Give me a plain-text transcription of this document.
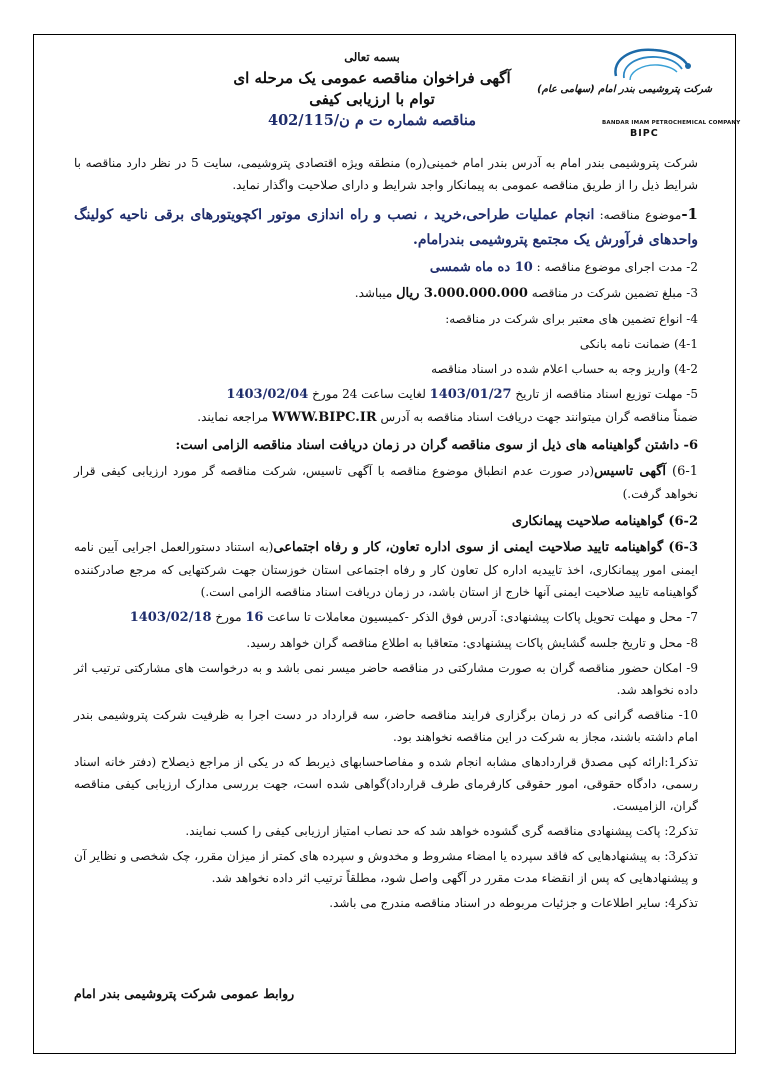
شرکت پتروشیمی بندر امام (سهامی عام)
BANDAR IMAM PETROCHEMICAL COMPANY
BIPC
بسمه تعالی
آگهی فراخوان مناقصه عمومی یک مرحله ای
توام با ارزیابی کیفی
مناقصه شماره ت م ن/402/115

شرکت پتروشیمی بندر امام به آدرس بندر امام خمینی(ره) منطقه ویژه اقتصادی پتروشیمی، سایت 5 در نظر دارد مناقصه با شرایط ذیل را از طریق مناقصه عمومی به پیمانکار واجد شرایط و دارای صلاحیت واگذار نماید.

1-موضوع مناقصه: انجام عملیات طراحی،خرید ، نصب و راه اندازی موتور اکچویتورهای برقی ناحیه کولینگ واحدهای فرآورش یک مجتمع پتروشیمی بندرامام.

2- مدت اجرای موضوع مناقصه : 10 ده ماه شمسی

3- مبلغ تضمین شرکت در مناقصه 3.000.000.000 ریال میباشد.

4- انواع تضمین های معتبر برای شرکت در مناقصه:

4-1) ضمانت نامه بانکی

4-2) واریز وجه به حساب اعلام شده در اسناد مناقصه

5- مهلت توزیع اسناد مناقصه از تاریخ 1403/01/27 لغایت ساعت 24 مورخ 1403/02/04

ضمناً مناقصه گران میتوانند جهت دریافت اسناد مناقصه به آدرس WWW.BIPC.IR مراجعه نمایند.

6- داشتن گواهینامه های ذیل از سوی مناقصه گران در زمان دریافت اسناد مناقصه الزامی است:

6-1) آگهی تاسیس(در صورت عدم انطباق موضوع مناقصه با آگهی تاسیس، شرکت مناقصه گر مورد ارزیابی کیفی قرار نخواهد گرفت.)

6-2) گواهینامه صلاحیت پیمانکاری

6-3) گواهینامه تایید صلاحیت ایمنی از سوی اداره تعاون، کار و رفاه اجتماعی(به استناد دستورالعمل اجرایی آیین نامه ایمنی امور پیمانکاری، اخذ تاییدیه اداره کل تعاون کار و رفاه اجتماعی استان خوزستان جهت شرکتهایی که مرجع صادرکننده گواهینامه تایید صلاحیت ایمنی آنها خارج از استان باشد، در زمان دریافت اسناد مناقصه الزامی است.)

7- محل و مهلت تحویل پاکات پیشنهادی: آدرس فوق الذکر -کمیسیون معاملات تا ساعت 16 مورخ 1403/02/18

8- محل و تاریخ جلسه گشایش پاکات پیشنهادی: متعاقبا به اطلاع مناقصه گران خواهد رسید.

9- امکان حضور مناقصه گران به صورت مشارکتی در مناقصه حاضر میسر نمی باشد و به درخواست های مشارکتی ترتیب اثر داده نخواهد شد.

10- مناقصه گرانی که در زمان برگزاری فرایند مناقصه حاضر، سه قرارداد در دست اجرا به ظرفیت شرکت پتروشیمی بندر امام داشته باشند، مجاز به شرکت در این مناقصه نخواهند بود.

تذکر1:ارائه کپی مصدق قراردادهای مشابه انجام شده و مفاصاحسابهای ذیربط که در یکی از مراجع ذیصلاح (دفتر خانه اسناد رسمی، دادگاه حقوقی، امور حقوقی کارفرمای طرف قرارداد)گواهی شده است، جهت بررسی مدارک ارزیابی کیفی مناقصه گران، الزامیست.

تذکر2: پاکت پیشنهادی مناقصه گری گشوده خواهد شد که حد نصاب امتیاز ارزیابی کیفی را کسب نمایند.

تذکر3: به پیشنهادهایی که فاقد سپرده یا امضاء مشروط و مخدوش و سپرده های کمتر از میزان مقرر، چک شخصی و نظایر آن و پیشنهادهایی که پس از انقضاء مدت مقرر در آگهی واصل شود، مطلقاً ترتیب اثر داده نخواهد شد.

تذکر4: سایر اطلاعات و جزئیات مربوطه در اسناد مناقصه مندرج می باشد.

روابط عمومی شرکت پتروشیمی بندر امام
